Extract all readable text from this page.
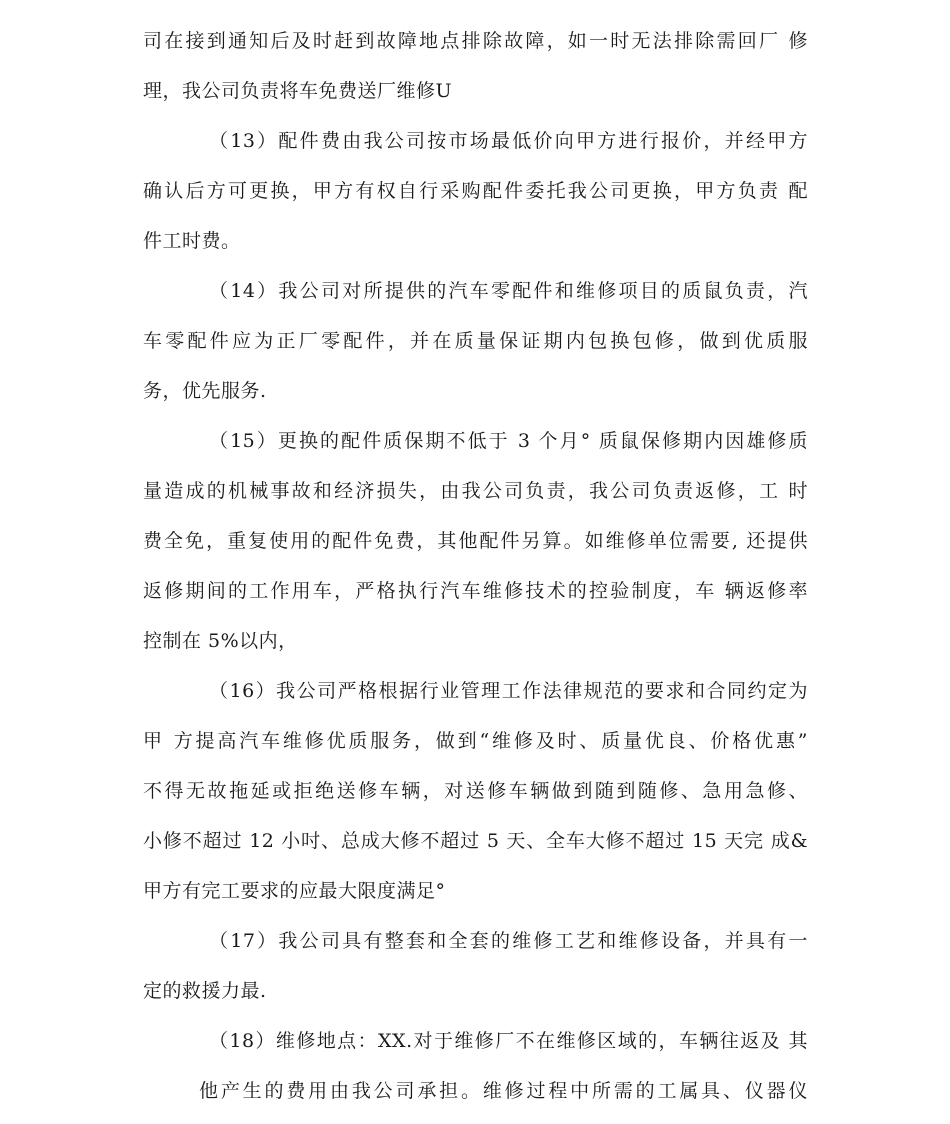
司在接到通知后及时赶到故障地点排除故障，如一时无法排除需回厂 修
理，我公司负责将车免费送厂维修U
（13）配件费由我公司按市场最低价向甲方进行报价，并经甲方
确认后方可更换，甲方有权自行采购配件委托我公司更换，甲方负责 配
件工时费。
（14）我公司对所提供的汽车零配件和维修项目的质鼠负责，汽
车零配件应为正厂零配件，并在质量保证期内包换包修，做到优质服
务，优先服务.
（15）更换的配件质保期不低于 3 个月° 质鼠保修期内因雄修质
量造成的机械事故和经济损失，由我公司负责，我公司负责返修，工 时
费全免，重复使用的配件免费，其他配件另算。如维修单位需要, 还提供
返修期间的工作用车，严格执行汽车维修技术的控验制度，车 辆返修率
控制在 5%以内，
（16）我公司严格根据行业管理工作法律规范的要求和合同约定为
甲 方提高汽车维修优质服务，做到“维修及时、质量优良、价格优惠”
不得无故拖延或拒绝送修车辆，对送修车辆做到随到随修、急用急修、
小修不超过 12 小吋、总成大修不超过 5 天、全车大修不超过 15 天完 成&
甲方有完工要求的应最大限度满足°
（17）我公司具有整套和全套的维修工艺和维修设备，并具有一
定的救援力最.
（18）维修地点：XX.对于维修厂不在维修区域的，车辆往返及 其
他产生的费用由我公司承担。维修过程中所需的工属具、仪器仪
